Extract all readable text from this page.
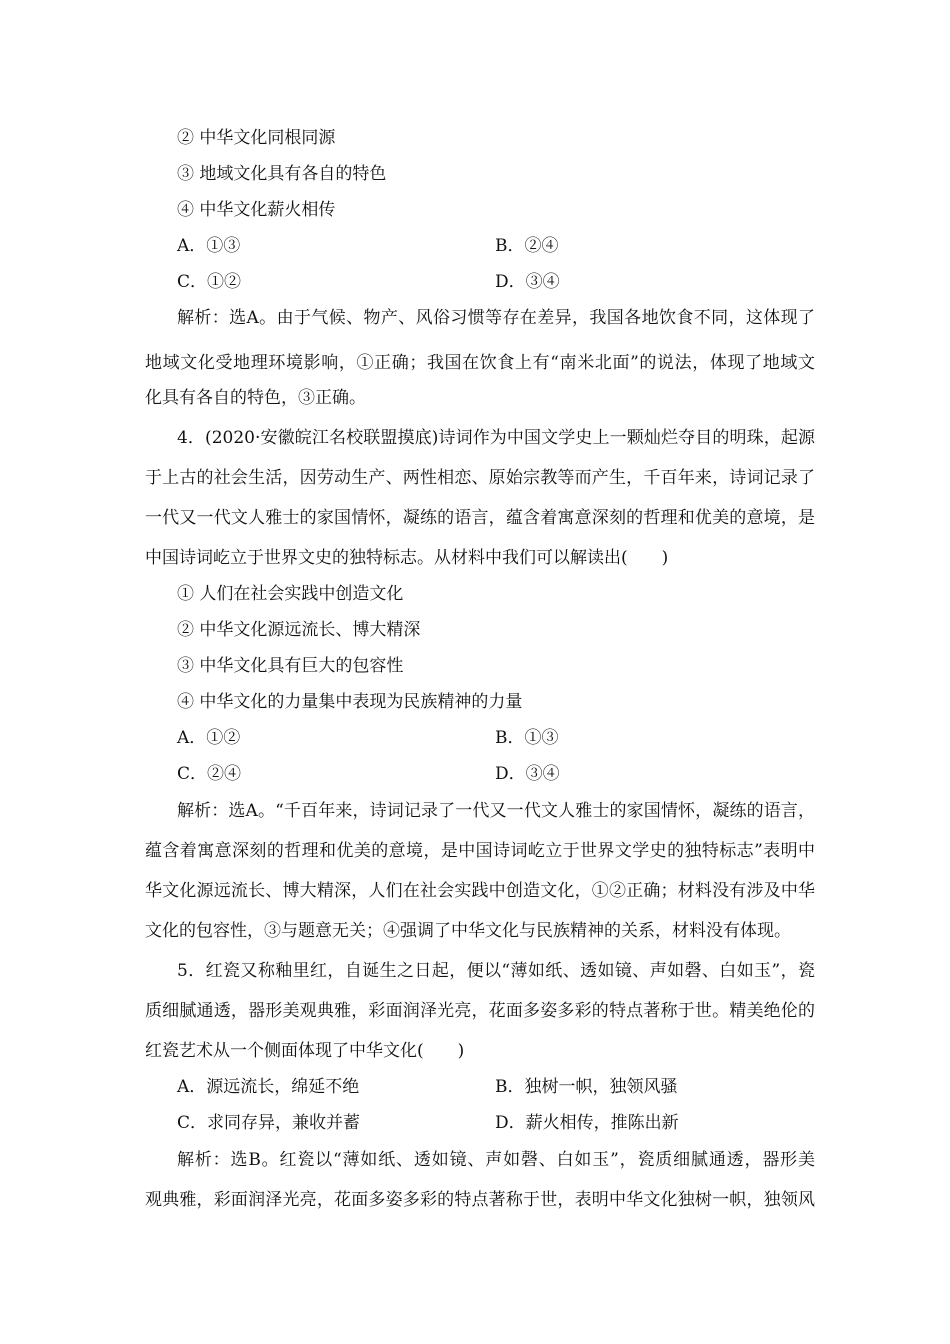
② 中华文化同根同源
③ 地域文化具有各自的特色
④ 中华文化薪火相传
A．①③	B．②④
C．①②	D．③④
解析：选A。由于气候、物产、风俗习惯等存在差异，我国各地饮食不同，这体现了
地域文化受地理环境影响，①正确；我国在饮食上有“南米北面”的说法，体现了地域文
化具有各自的特色，③正确。
4．(2020·安徽皖江名校联盟摸底)诗词作为中国文学史上一颗灿烂夺目的明珠，起源
于上古的社会生活，因劳动生产、两性相恋、原始宗教等而产生，千百年来，诗词记录了
一代又一代文人雅士的家国情怀，凝练的语言，蕴含着寓意深刻的哲理和优美的意境，是
中国诗词屹立于世界文史的独特标志。从材料中我们可以解读出(　　)
① 人们在社会实践中创造文化
② 中华文化源远流长、博大精深
③ 中华文化具有巨大的包容性
④ 中华文化的力量集中表现为民族精神的力量
A．①②	B．①③
C．②④	D．③④
解析：选A。“千百年来，诗词记录了一代又一代文人雅士的家国情怀，凝练的语言，
蕴含着寓意深刻的哲理和优美的意境，是中国诗词屹立于世界文学史的独特标志”表明中
华文化源远流长、博大精深，人们在社会实践中创造文化，①②正确；材料没有涉及中华
文化的包容性，③与题意无关；④强调了中华文化与民族精神的关系，材料没有体现。
5．红瓷又称釉里红，自诞生之日起，便以“薄如纸、透如镜、声如磬、白如玉”，瓷
质细腻通透，器形美观典雅，彩面润泽光亮，花面多姿多彩的特点著称于世。精美绝伦的
红瓷艺术从一个侧面体现了中华文化(　　)
A．源远流长，绵延不绝	B．独树一帜，独领风骚
C．求同存异，兼收并蓄	D．薪火相传，推陈出新
解析：选B。红瓷以“薄如纸、透如镜、声如磬、白如玉”，瓷质细腻通透，器形美
观典雅，彩面润泽光亮，花面多姿多彩的特点著称于世，表明中华文化独树一帜，独领风
